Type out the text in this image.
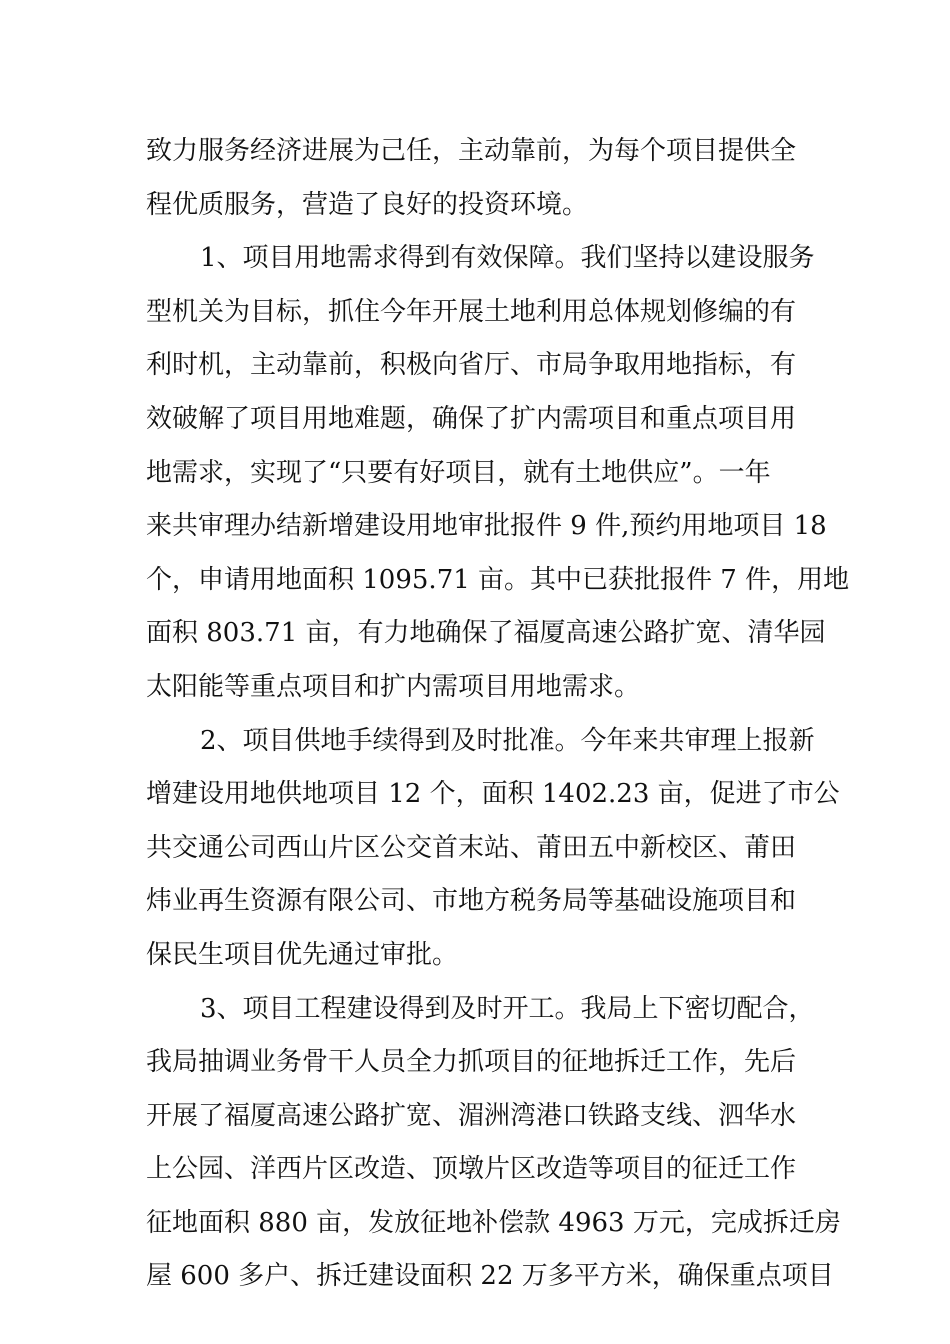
致力服务经济进展为己任，主动靠前，为每个项目提供全
程优质服务，营造了良好的投资环境。
1、项目用地需求得到有效保障。我们坚持以建设服务
型机关为目标，抓住今年开展土地利用总体规划修编的有
利时机，主动靠前，积极向省厅、市局争取用地指标，有
效破解了项目用地难题，确保了扩内需项目和重点项目用
地需求，实现了“只要有好项目，就有土地供应”。一年
来共审理办结新增建设用地审批报件 9 件,预约用地项目 18
个，申请用地面积 1095.71 亩。其中已获批报件 7 件，用地
面积 803.71 亩，有力地确保了福厦高速公路扩宽、清华园
太阳能等重点项目和扩内需项目用地需求。
2、项目供地手续得到及时批准。今年来共审理上报新
增建设用地供地项目 12 个，面积 1402.23 亩，促进了市公
共交通公司西山片区公交首末站、莆田五中新校区、莆田
炜业再生资源有限公司、市地方税务局等基础设施项目和
保民生项目优先通过审批。
3、项目工程建设得到及时开工。我局上下密切配合，
我局抽调业务骨干人员全力抓项目的征地拆迁工作，先后
开展了福厦高速公路扩宽、湄洲湾港口铁路支线、泗华水
上公园、洋西片区改造、顶墩片区改造等项目的征迁工作
征地面积 880 亩，发放征地补偿款 4963 万元，完成拆迁房
屋 600 多户、拆迁建设面积 22 万多平方米，确保重点项目
